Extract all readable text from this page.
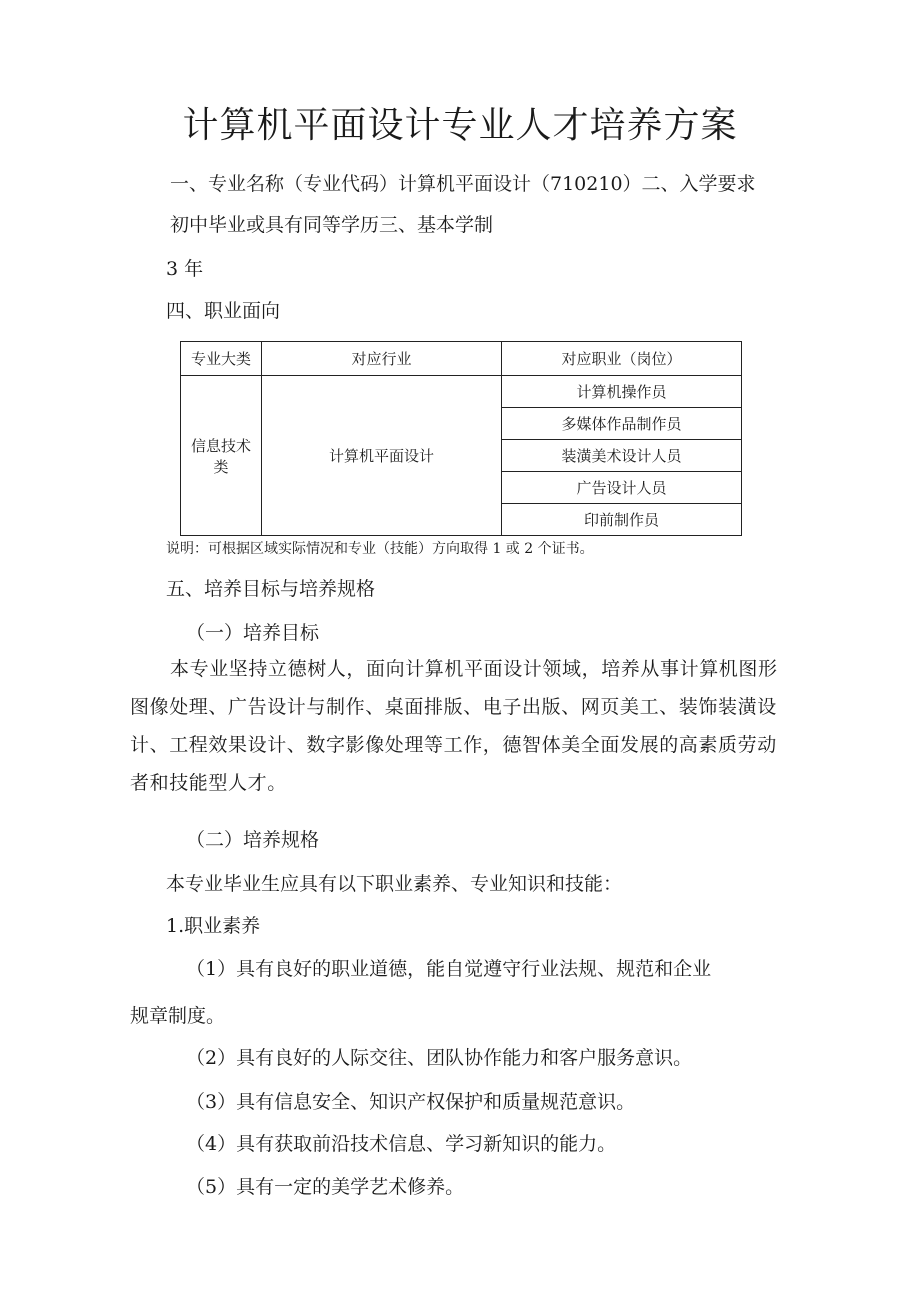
计算机平面设计专业人才培养方案
一、专业名称（专业代码）计算机平面设计（710210）二、入学要求
初中毕业或具有同等学历三、基本学制
3 年
四、职业面向
专业大类	对应行业	对应职业（岗位）

信息技术
类	计算机平面设计	计算机操作员
		多媒体作品制作员
		装潢美术设计人员
		广告设计人员
		印前制作员
说明：可根据区域实际情况和专业（技能）方向取得 1 或 2 个证书。
五、培养目标与培养规格
（一）培养目标
本专业坚持立德树人，面向计算机平面设计领域，培养从事计算机图形
图像处理、广告设计与制作、桌面排版、电子出版、网页美工、装饰装潢设
计、工程效果设计、数字影像处理等工作，德智体美全面发展的高素质劳动
者和技能型人才。
（二）培养规格
本专业毕业生应具有以下职业素养、专业知识和技能：
1.职业素养
（1）具有良好的职业道德，能自觉遵守行业法规、规范和企业
规章制度。
（2）具有良好的人际交往、团队协作能力和客户服务意识。
（3）具有信息安全、知识产权保护和质量规范意识。
（4）具有获取前沿技术信息、学习新知识的能力。
（5）具有一定的美学艺术修养。
